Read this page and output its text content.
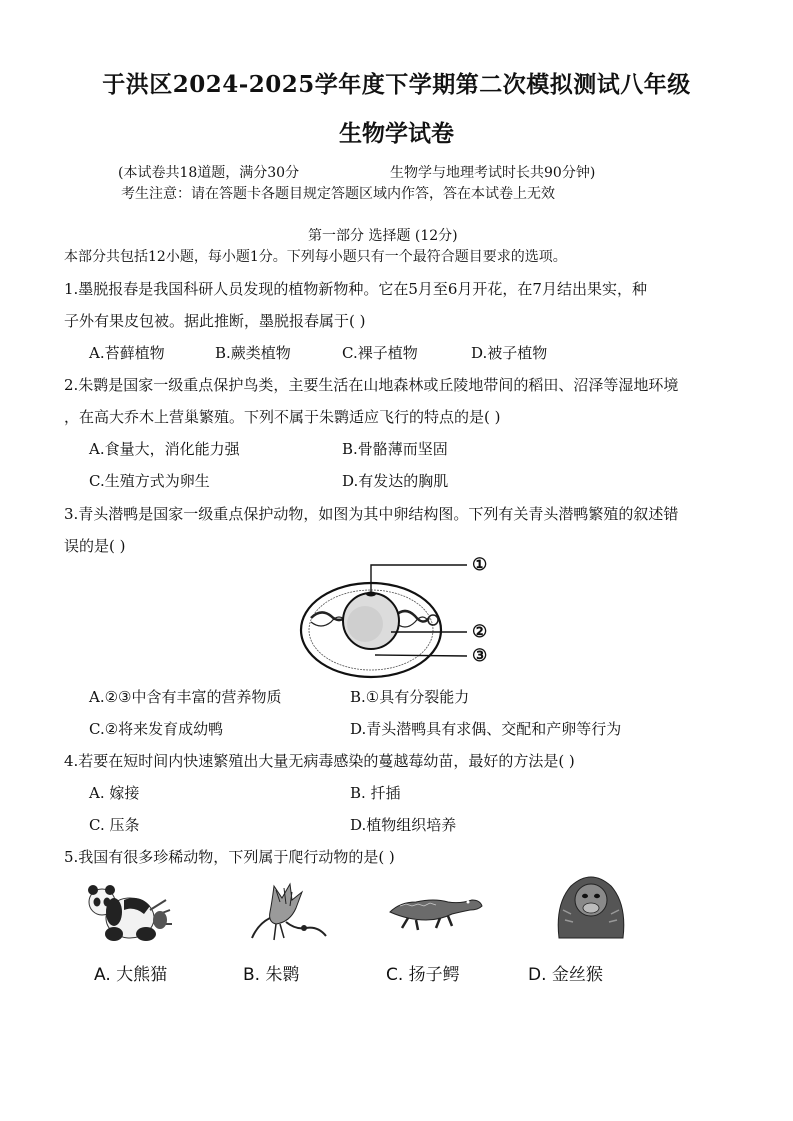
于洪区2024-2025学年度下学期第二次模拟测试八年级
生物学试卷
(本试卷共18道题，满分30分	生物学与地理考试时长共90分钟)
考生注意：请在答题卡各题目规定答题区域内作答，答在本试卷上无效
第一部分 选择题 (12分)
本部分共包括12小题，每小题1分。下列每小题只有一个最符合题目要求的选项。
1.墨脱报春是我国科研人员发现的植物新物种。它在5月至6月开花，在7月结出果实，种
子外有果皮包被。据此推断，墨脱报春属于( )
A.苔藓植物	B.蕨类植物	C.裸子植物	D.被子植物
2.朱鹮是国家一级重点保护鸟类，主要生活在山地森林或丘陵地带间的稻田、沼泽等湿地环境
，在高大乔木上营巢繁殖。下列不属于朱鹮适应飞行的特点的是( )
A.食量大，消化能力强	B.骨骼薄而坚固
C.生殖方式为卵生	D.有发达的胸肌
3.青头潜鸭是国家一级重点保护动物，如图为其中卵结构图。下列有关青头潜鸭繁殖的叙述错
误的是( )
①
②
③
A.②③中含有丰富的营养物质	B.①具有分裂能力
C.②将来发育成幼鸭	D.青头潜鸭具有求偶、交配和产卵等行为
4.若要在短时间内快速繁殖出大量无病毒感染的蔓越莓幼苗，最好的方法是( )
A. 嫁接	B. 扦插
C. 压条	D.植物组织培养
5.我国有很多珍稀动物，下列属于爬行动物的是( )
A. 大熊猫	B. 朱鹮	C. 扬子鳄	D. 金丝猴
